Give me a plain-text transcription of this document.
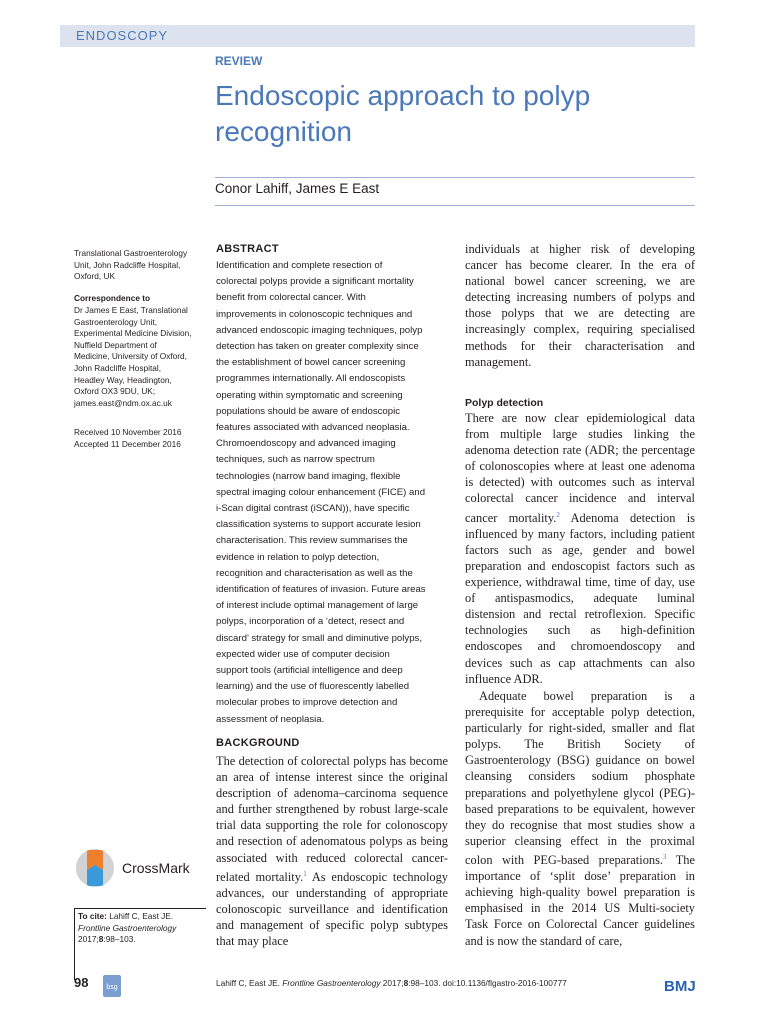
ENDOSCOPY
REVIEW
Endoscopic approach to polyp
recognition
Conor Lahiff, James E East
Translational Gastroenterology Unit, John Radcliffe Hospital, Oxford, UK
Correspondence to
Dr James E East, Translational
Gastroenterology Unit,
Experimental Medicine Division,
Nuffield Department of
Medicine, University of Oxford,
John Radcliffe Hospital,
Headley Way, Headington,
Oxford OX3 9DU, UK;
james.east@ndm.ox.ac.uk
Received 10 November 2016
Accepted 11 December 2016
CrossMark
To cite: Lahiff C, East JE.
Frontline Gastroenterology
2017;8:98–103.
ABSTRACT
Identification and complete resection of
colorectal polyps provide a significant mortality
benefit from colorectal cancer. With
improvements in colonoscopic techniques and
advanced endoscopic imaging techniques, polyp
detection has taken on greater complexity since
the establishment of bowel cancer screening
programmes internationally. All endoscopists
operating within symptomatic and screening
populations should be aware of endoscopic
features associated with advanced neoplasia.
Chromoendoscopy and advanced imaging
techniques, such as narrow spectrum
technologies (narrow band imaging, flexible
spectral imaging colour enhancement (FICE) and
i-Scan digital contrast (iSCAN)), have specific
classification systems to support accurate lesion
characterisation. This review summarises the
evidence in relation to polyp detection,
recognition and characterisation as well as the
identification of features of invasion. Future areas
of interest include optimal management of large
polyps, incorporation of a ‘detect, resect and
discard’ strategy for small and diminutive polyps,
expected wider use of computer decision
support tools (artificial intelligence and deep
learning) and the use of fluorescently labelled
molecular probes to improve detection and
assessment of neoplasia.
BACKGROUND
The detection of colorectal polyps has become an area of intense interest since the original description of adenoma–carcinoma sequence and further strengthened by robust large-scale trial data supporting the role for colonoscopy and resection of adenomatous polyps as being associated with reduced colorectal cancer-related mortality.$^1$ As endoscopic technology advances, our understanding of appropriate colonoscopic surveillance and identification and management of specific polyp subtypes that may place
individuals at higher risk of developing cancer has become clearer. In the era of national bowel cancer screening, we are detecting increasing numbers of polyps and those polyps that we are detecting are increasingly complex, requiring specialised methods for their characterisation and management.
Polyp detection
There are now clear epidemiological data from multiple large studies linking the adenoma detection rate (ADR; the percentage of colonoscopies where at least one adenoma is detected) with outcomes such as interval colorectal cancer incidence and interval cancer mortality.$^2$ Adenoma detection is influenced by many factors, including patient factors such as age, gender and bowel preparation and endoscopist factors such as experience, withdrawal time, time of day, use of antispasmodics, adequate luminal distension and rectal retroflexion. Specific technologies such as high-definition endoscopes and chromoendoscopy and devices such as cap attachments can also influence ADR.
Adequate bowel preparation is a prerequisite for acceptable polyp detection, particularly for right-sided, smaller and flat polyps. The British Society of Gastroenterology (BSG) guidance on bowel cleansing considers sodium phosphate preparations and polyethylene glycol (PEG)-based preparations to be equivalent, however they do recognise that most studies show a superior cleansing effect in the proximal colon with PEG-based preparations.$^3$ The importance of ‘split dose’ preparation in achieving high-quality bowel preparation is emphasised in the 2014 US Multi-society Task Force on Colorectal Cancer guidelines and is now the standard of care,
98	bsg	Lahiff C, East JE. Frontline Gastroenterology 2017;8:98–103. doi:10.1136/flgastro-2016-100777	BMJ
